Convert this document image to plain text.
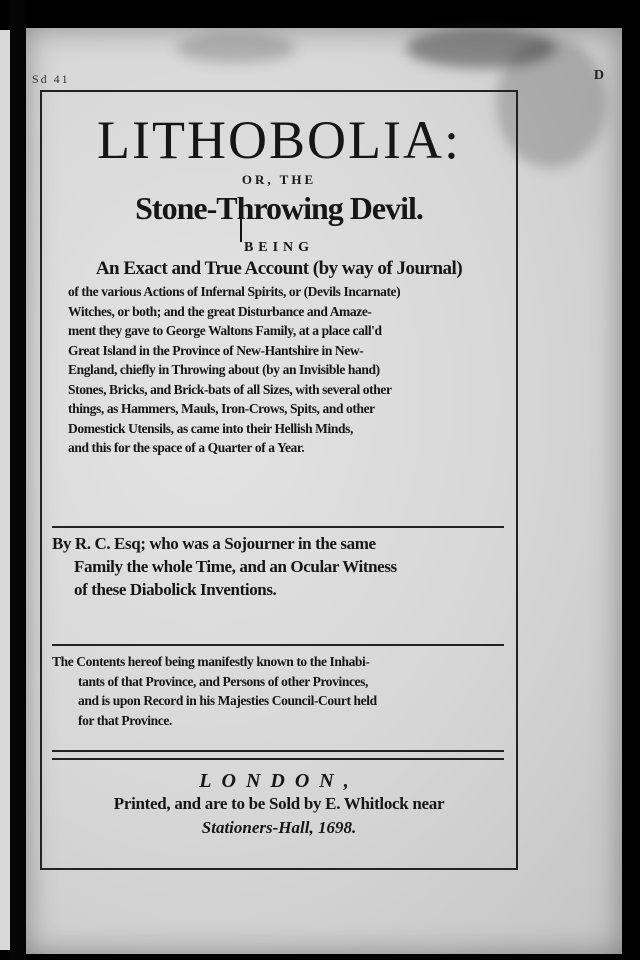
Sd 41	D
LITHOBOLIA:
OR, THE
Stone-Throwing Devil.
BEING
An Exact and True Account (by way of Journal)
of the various Actions of Infernal Spirits, or (Devils Incarnate)
Witches, or both; and the great Disturbance and Amaze-
ment they gave to George Waltons Family, at a place call'd
Great Island in the Province of New-Hantshire in New-
England, chiefly in Throwing about (by an Invisible hand)
Stones, Bricks, and Brick-bats of all Sizes, with several other
things, as Hammers, Mauls, Iron-Crows, Spits, and other
Domestick Utensils, as came into their Hellish Minds,
and this for the space of a Quarter of a Year.
By R. C. Esq; who was a Sojourner in the same
Family the whole Time, and an Ocular Witness
of these Diabolick Inventions.
The Contents hereof being manifestly known to the Inhabi-
tants of that Province, and Persons of other Provinces,
and is upon Record in his Majesties Council-Court held
for that Province.
LONDON,
Printed, and are to be Sold by E. Whitlock near
Stationers-Hall, 1698.
